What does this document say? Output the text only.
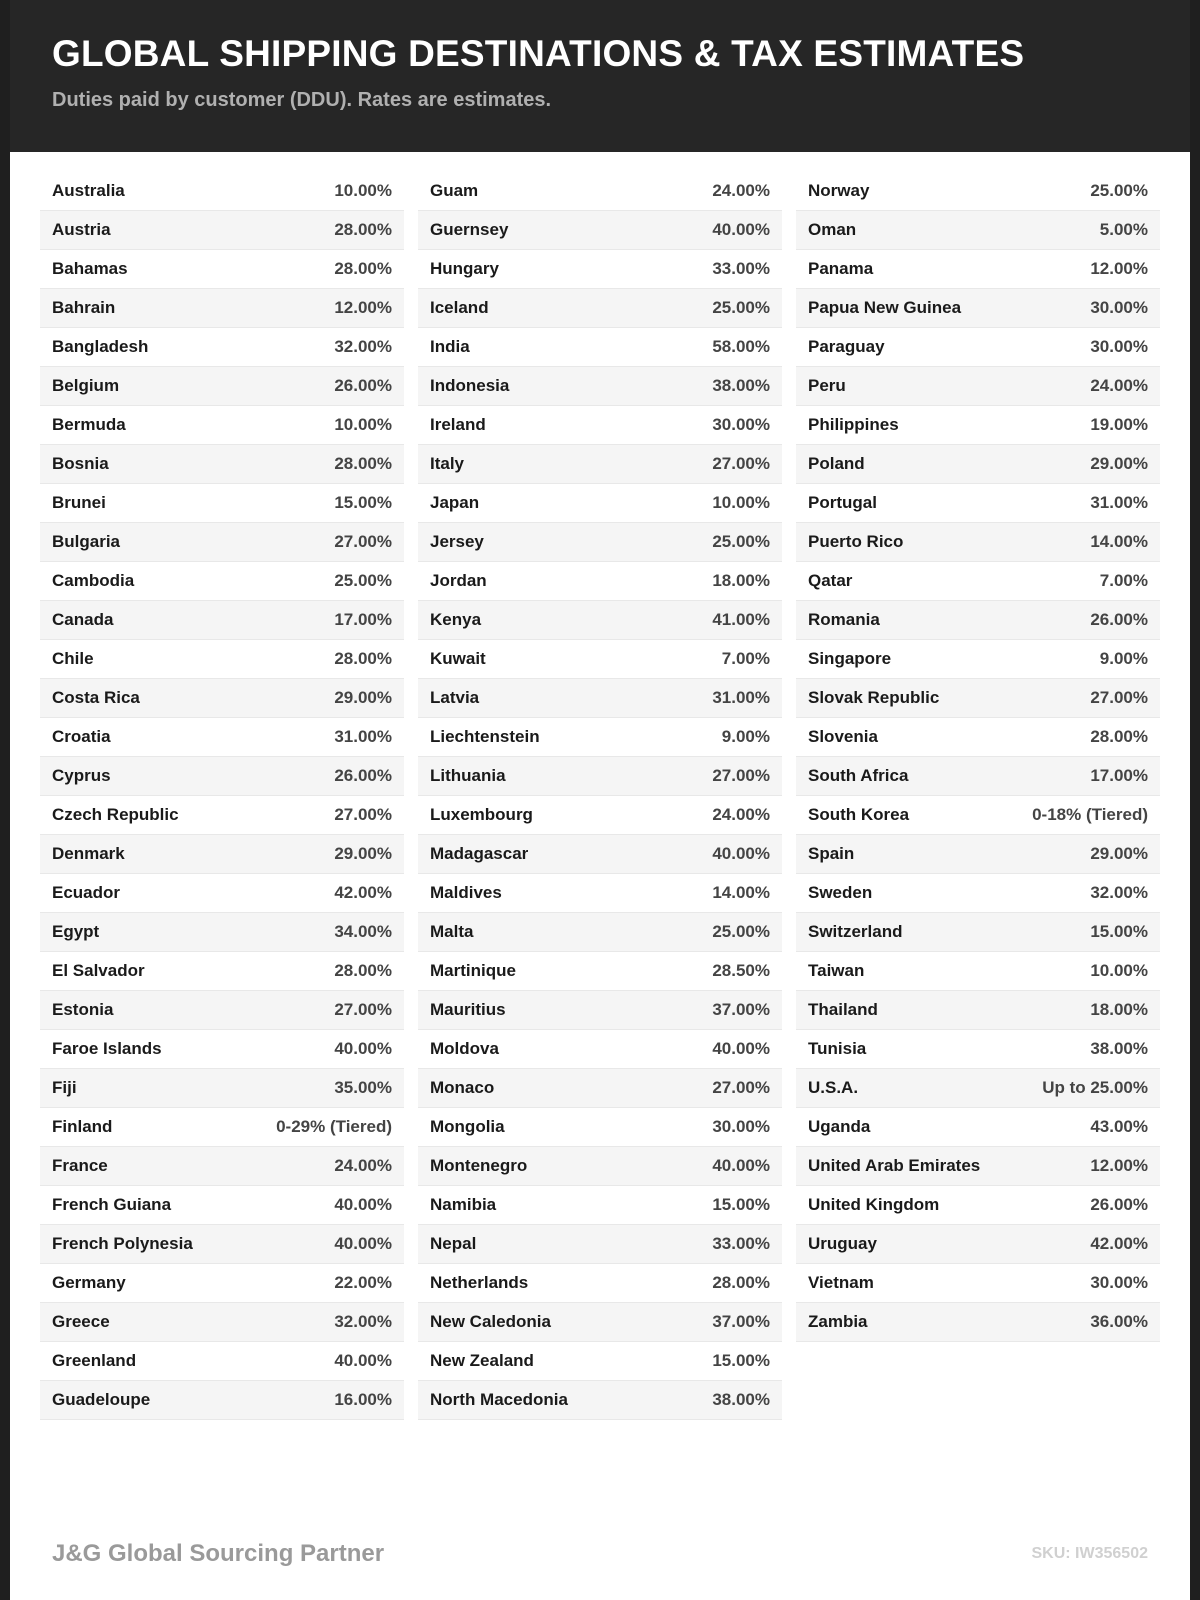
GLOBAL SHIPPING DESTINATIONS & TAX ESTIMATES
Duties paid by customer (DDU). Rates are estimates.
Australia	10.00%
Austria	28.00%
Bahamas	28.00%
Bahrain	12.00%
Bangladesh	32.00%
Belgium	26.00%
Bermuda	10.00%
Bosnia	28.00%
Brunei	15.00%
Bulgaria	27.00%
Cambodia	25.00%
Canada	17.00%
Chile	28.00%
Costa Rica	29.00%
Croatia	31.00%
Cyprus	26.00%
Czech Republic	27.00%
Denmark	29.00%
Ecuador	42.00%
Egypt	34.00%
El Salvador	28.00%
Estonia	27.00%
Faroe Islands	40.00%
Fiji	35.00%
Finland	0-29% (Tiered)
France	24.00%
French Guiana	40.00%
French Polynesia	40.00%
Germany	22.00%
Greece	32.00%
Greenland	40.00%
Guadeloupe	16.00%
Guam	24.00%
Guernsey	40.00%
Hungary	33.00%
Iceland	25.00%
India	58.00%
Indonesia	38.00%
Ireland	30.00%
Italy	27.00%
Japan	10.00%
Jersey	25.00%
Jordan	18.00%
Kenya	41.00%
Kuwait	7.00%
Latvia	31.00%
Liechtenstein	9.00%
Lithuania	27.00%
Luxembourg	24.00%
Madagascar	40.00%
Maldives	14.00%
Malta	25.00%
Martinique	28.50%
Mauritius	37.00%
Moldova	40.00%
Monaco	27.00%
Mongolia	30.00%
Montenegro	40.00%
Namibia	15.00%
Nepal	33.00%
Netherlands	28.00%
New Caledonia	37.00%
New Zealand	15.00%
North Macedonia	38.00%
Norway	25.00%
Oman	5.00%
Panama	12.00%
Papua New Guinea	30.00%
Paraguay	30.00%
Peru	24.00%
Philippines	19.00%
Poland	29.00%
Portugal	31.00%
Puerto Rico	14.00%
Qatar	7.00%
Romania	26.00%
Singapore	9.00%
Slovak Republic	27.00%
Slovenia	28.00%
South Africa	17.00%
South Korea	0-18% (Tiered)
Spain	29.00%
Sweden	32.00%
Switzerland	15.00%
Taiwan	10.00%
Thailand	18.00%
Tunisia	38.00%
U.S.A.	Up to 25.00%
Uganda	43.00%
United Arab Emirates	12.00%
United Kingdom	26.00%
Uruguay	42.00%
Vietnam	30.00%
Zambia	36.00%
J&G Global Sourcing Partner	SKU: IW356502
